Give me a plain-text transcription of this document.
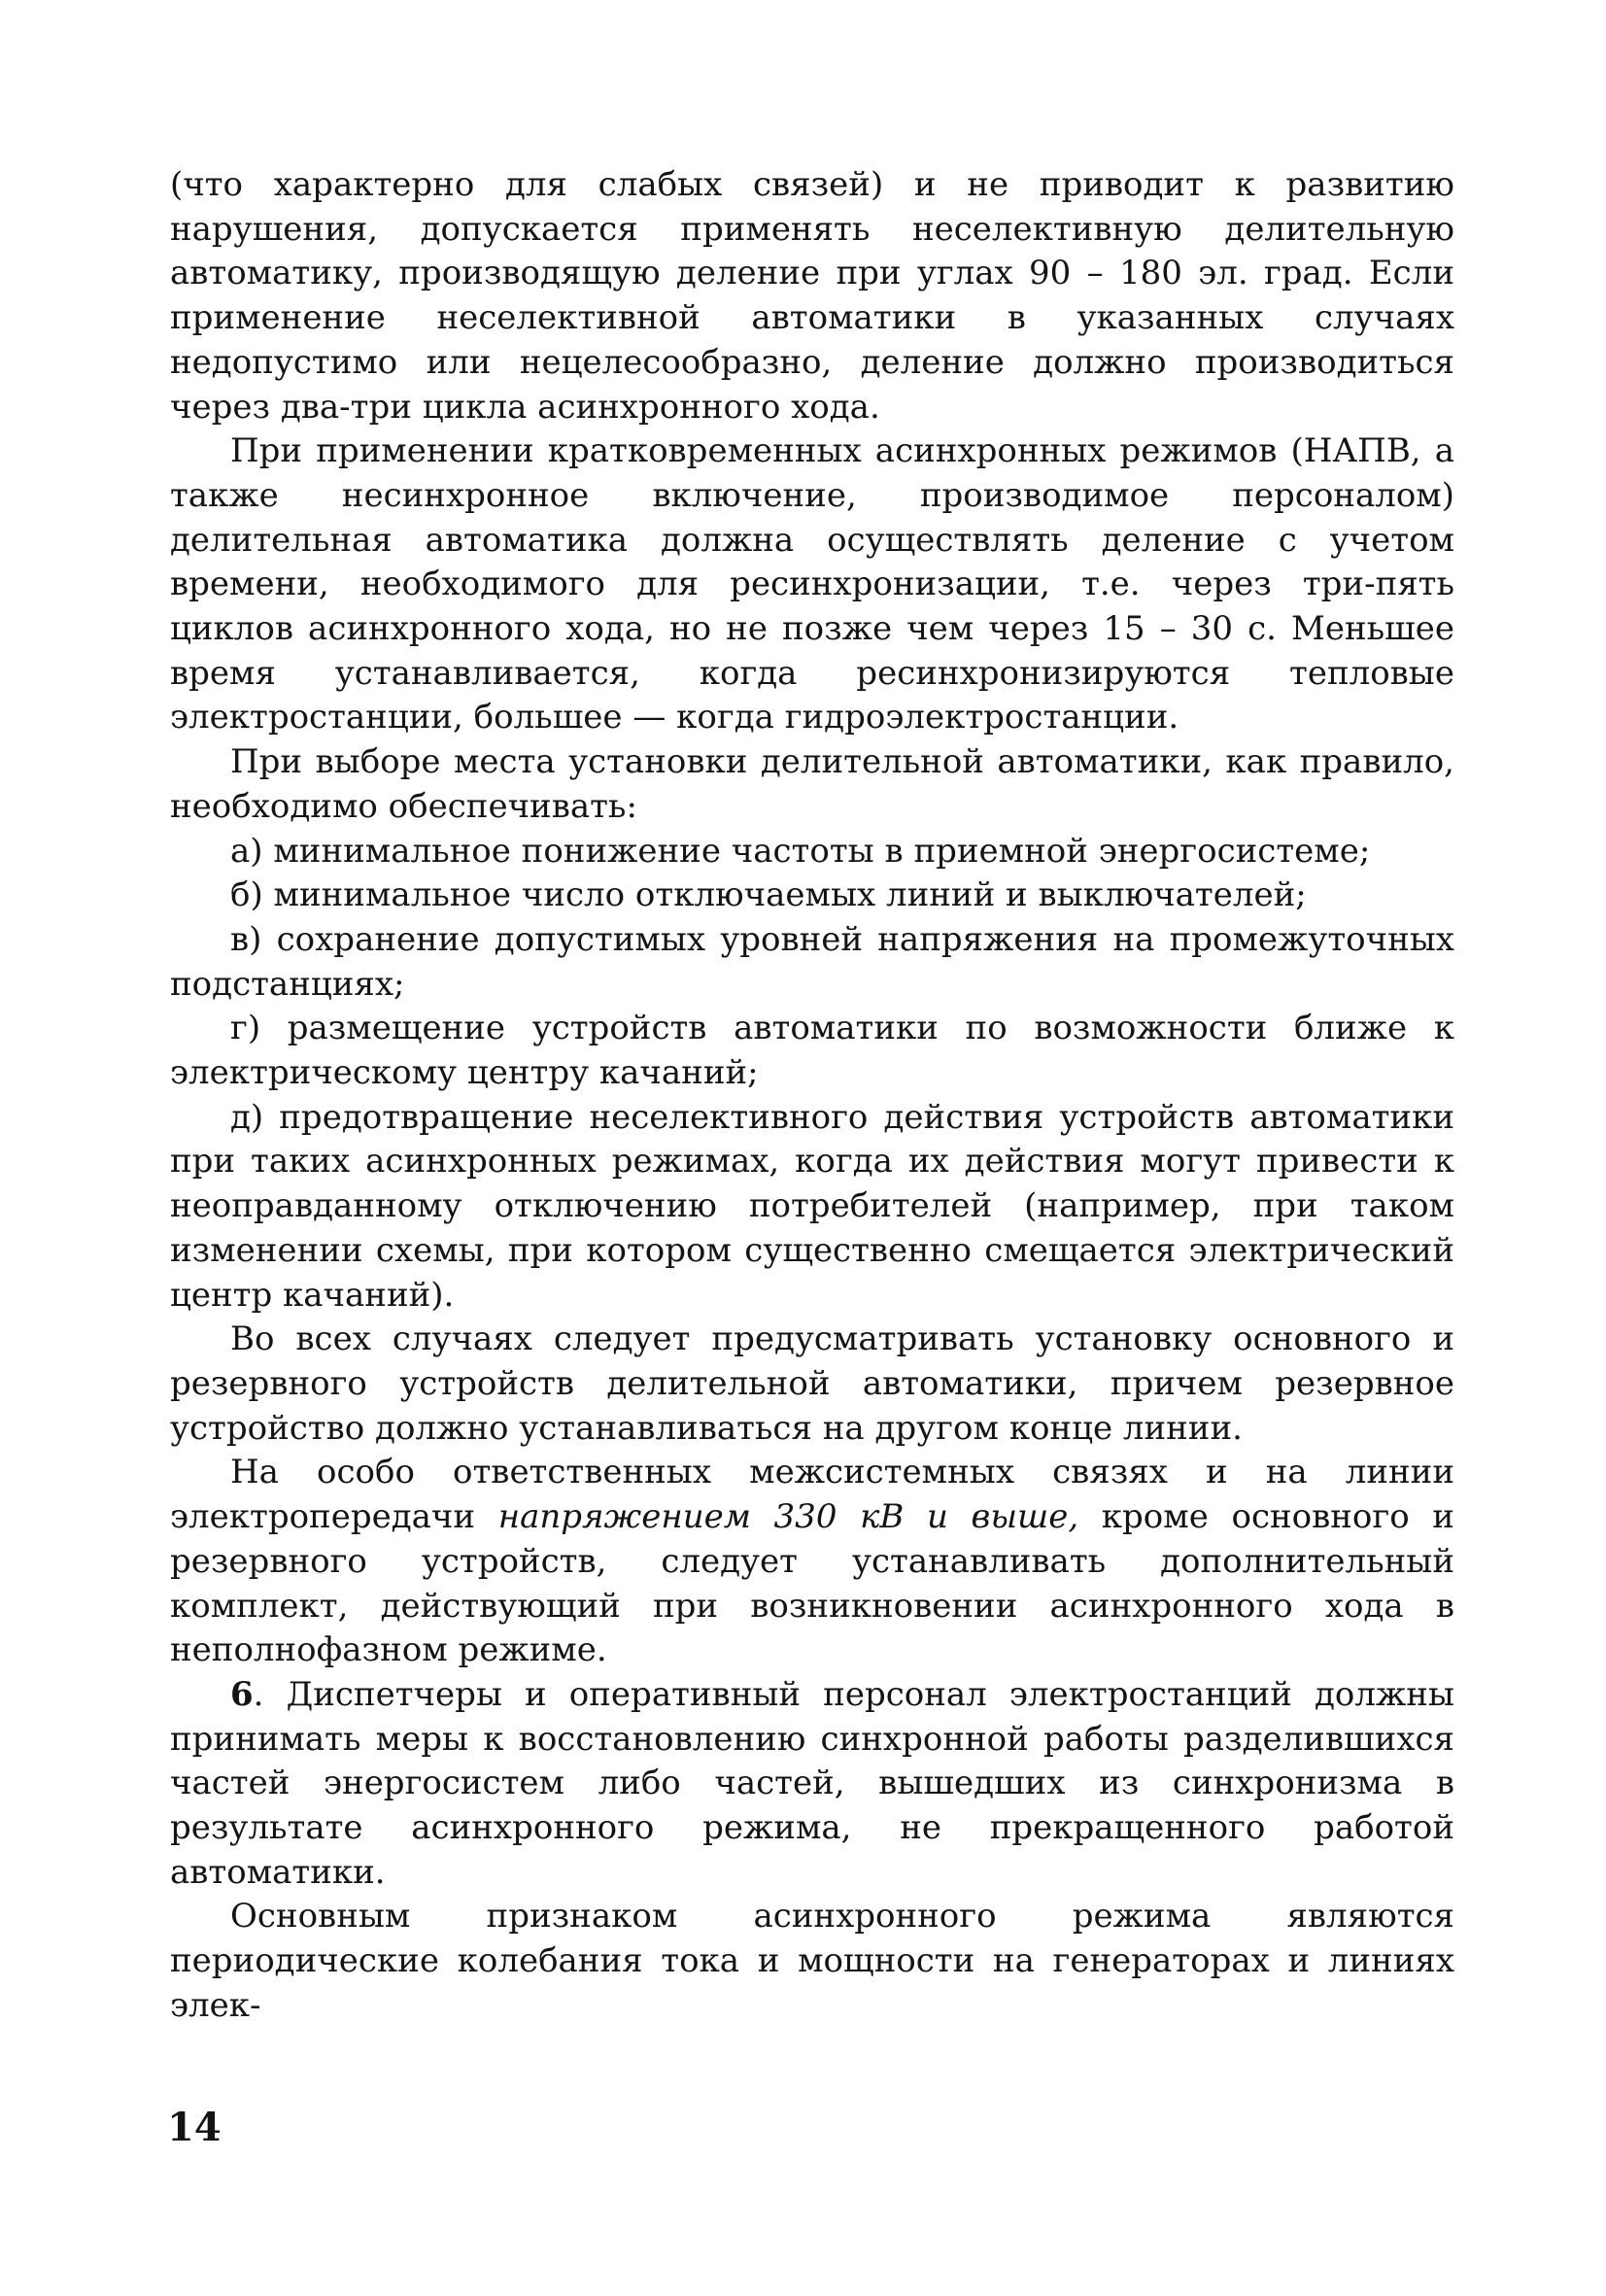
(что характерно для слабых связей) и не приводит к развитию нарушения, допускается применять неселективную делительную автоматику, производящую деление при углах 90 – 180 эл. град. Если применение неселективной автоматики в указанных случаях недопустимо или нецелесообразно, деление должно производиться через два-три цикла асинхронного хода.

При применении кратковременных асинхронных режимов (НАПВ, а также несинхронное включение, производимое персоналом) делительная автоматика должна осуществлять деление с учетом времени, необходимого для ресинхронизации, т.е. через три-пять циклов асинхронного хода, но не позже чем через 15 – 30 с. Меньшее время устанавливается, когда ресинхронизируются тепловые электростанции, большее — когда гидроэлектростанции.

При выборе места установки делительной автоматики, как правило, необходимо обеспечивать:

а) минимальное понижение частоты в приемной энергосистеме;

б) минимальное число отключаемых линий и выключателей;

в) сохранение допустимых уровней напряжения на промежуточных подстанциях;

г) размещение устройств автоматики по возможности ближе к электрическому центру качаний;

д) предотвращение неселективного действия устройств автоматики при таких асинхронных режимах, когда их действия могут привести к неоправданному отключению потребителей (например, при таком изменении схемы, при котором существенно смещается электрический центр качаний).

Во всех случаях следует предусматривать установку основного и резервного устройств делительной автоматики, причем резервное устройство должно устанавливаться на другом конце линии.

На особо ответственных межсистемных связях и на линии электропередачи напряжением 330 кВ и выше, кроме основного и резервного устройств, следует устанавливать дополнительный комплект, действующий при возникновении асинхронного хода в неполнофазном режиме.

6. Диспетчеры и оперативный персонал электростанций должны принимать меры к восстановлению синхронной работы разделившихся частей энергосистем либо частей, вышедших из синхронизма в результате асинхронного режима, не прекращенного работой автоматики.

Основным признаком асинхронного режима являются периодические колебания тока и мощности на генераторах и линиях элек-

14
